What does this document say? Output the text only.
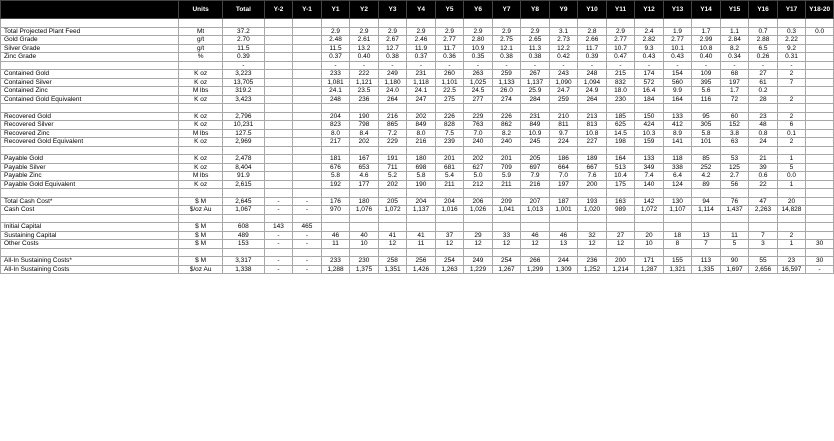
	Units	Total	Y-2	Y-1	Y1	Y2	Y3	Y4	Y5	Y6	Y7	Y8	Y9	Y10	Y11	Y12	Y13	Y14	Y15	Y16	Y17	Y18-20

Total Projected Plant Feed	Mt	37.2			2.9	2.9	2.9	2.9	2.9	2.9	2.9	2.9	3.1	2.8	2.9	2.4	1.9	1.7	1.1	0.7	0.3	0.0
Gold Grade	g/t	2.70			2.48	2.61	2.67	2.46	2.77	2.80	2.75	2.65	2.73	2.66	2.77	2.82	2.77	2.99	2.84	2.88	2.22	
Silver Grade	g/t	11.5			11.5	13.2	12.7	11.9	11.7	10.9	12.1	11.3	12.2	11.7	10.7	9.3	10.1	10.8	8.2	6.5	9.2	
Zinc Grade	%	0.39			0.37	0.40	0.38	0.37	0.36	0.35	0.38	0.38	0.42	0.39	0.47	0.43	0.43	0.40	0.34	0.26	0.31	
		-			-	-	-	-	-	-	-	-	-	-	-	-	-	-	-	-	-	
Contained Gold	K oz	3,223			233	222	249	231	260	263	259	267	243	248	215	174	154	109	68	27	2	
Contained Silver	K oz	13,705			1,081	1,121	1,180	1,118	1,101	1,025	1,133	1,137	1,090	1,094	832	572	560	395	197	61	7	
Contained Zinc	M lbs	319.2			24.1	23.5	24.0	24.1	22.5	24.5	26.0	25.9	24.7	24.9	18.0	16.4	9.9	5.6	1.7	0.2		
Contained Gold Equivalent	K oz	3,423			248	236	264	247	275	277	274	284	259	264	230	184	164	116	72	28	2	

Recovered Gold	K oz	2,796			204	190	216	202	226	229	226	231	210	213	185	150	133	95	60	23	2	
Recovered Silver	K oz	10,231			823	798	865	849	828	763	862	849	811	813	625	424	412	305	152	48	6	
Recovered Zinc	M lbs	127.5			8.0	8.4	7.2	8.0	7.5	7.0	8.2	10.9	9.7	10.8	14.5	10.3	8.9	5.8	3.8	0.8	0.1	
Recovered Gold Equivalent	K oz	2,969			217	202	229	216	239	240	240	245	224	227	198	159	141	101	63	24	2	

Payable Gold	K oz	2,478			181	167	191	180	201	202	201	205	186	189	164	133	118	85	53	21	1	
Payable Silver	K oz	8,404			676	653	711	698	681	627	709	697	664	667	513	349	338	252	125	39	5	
Payable Zinc	M lbs	91.9			5.8	4.6	5.2	5.8	5.4	5.0	5.9	7.9	7.0	7.6	10.4	7.4	6.4	4.2	2.7	0.6	0.0	
Payable Gold Equivalent	K oz	2,615			192	177	202	190	211	212	211	216	197	200	175	140	124	89	56	22	1	

Total Cash Cost*	$ M	2,645	-	-	176	180	205	204	204	206	209	207	187	193	163	142	130	94	76	47	20	
Cash Cost	$/oz Au	1,067	-	-	970	1,076	1,072	1,137	1,016	1,026	1,041	1,013	1,001	1,020	989	1,072	1,107	1,114	1,437	2,263	14,828	

Initial Capital	$ M	608	143	465																		
Sustaining Capital	$ M	489	-	-	46	40	41	41	37	29	33	46	46	32	27	20	18	13	11	7	2	
Other Costs	$ M	153	-	-	11	10	12	11	12	12	12	12	13	12	12	10	8	7	5	3	1	30

All-In Sustaining Costs*	$ M	3,317	-	-	233	230	258	256	254	249	254	266	244	236	200	171	155	113	90	55	23	30
All-In Sustaining Costs	$/oz Au	1,338	-	-	1,288	1,375	1,351	1,426	1,263	1,229	1,267	1,299	1,309	1,252	1,214	1,287	1,321	1,335	1,697	2,656	16,597	-
